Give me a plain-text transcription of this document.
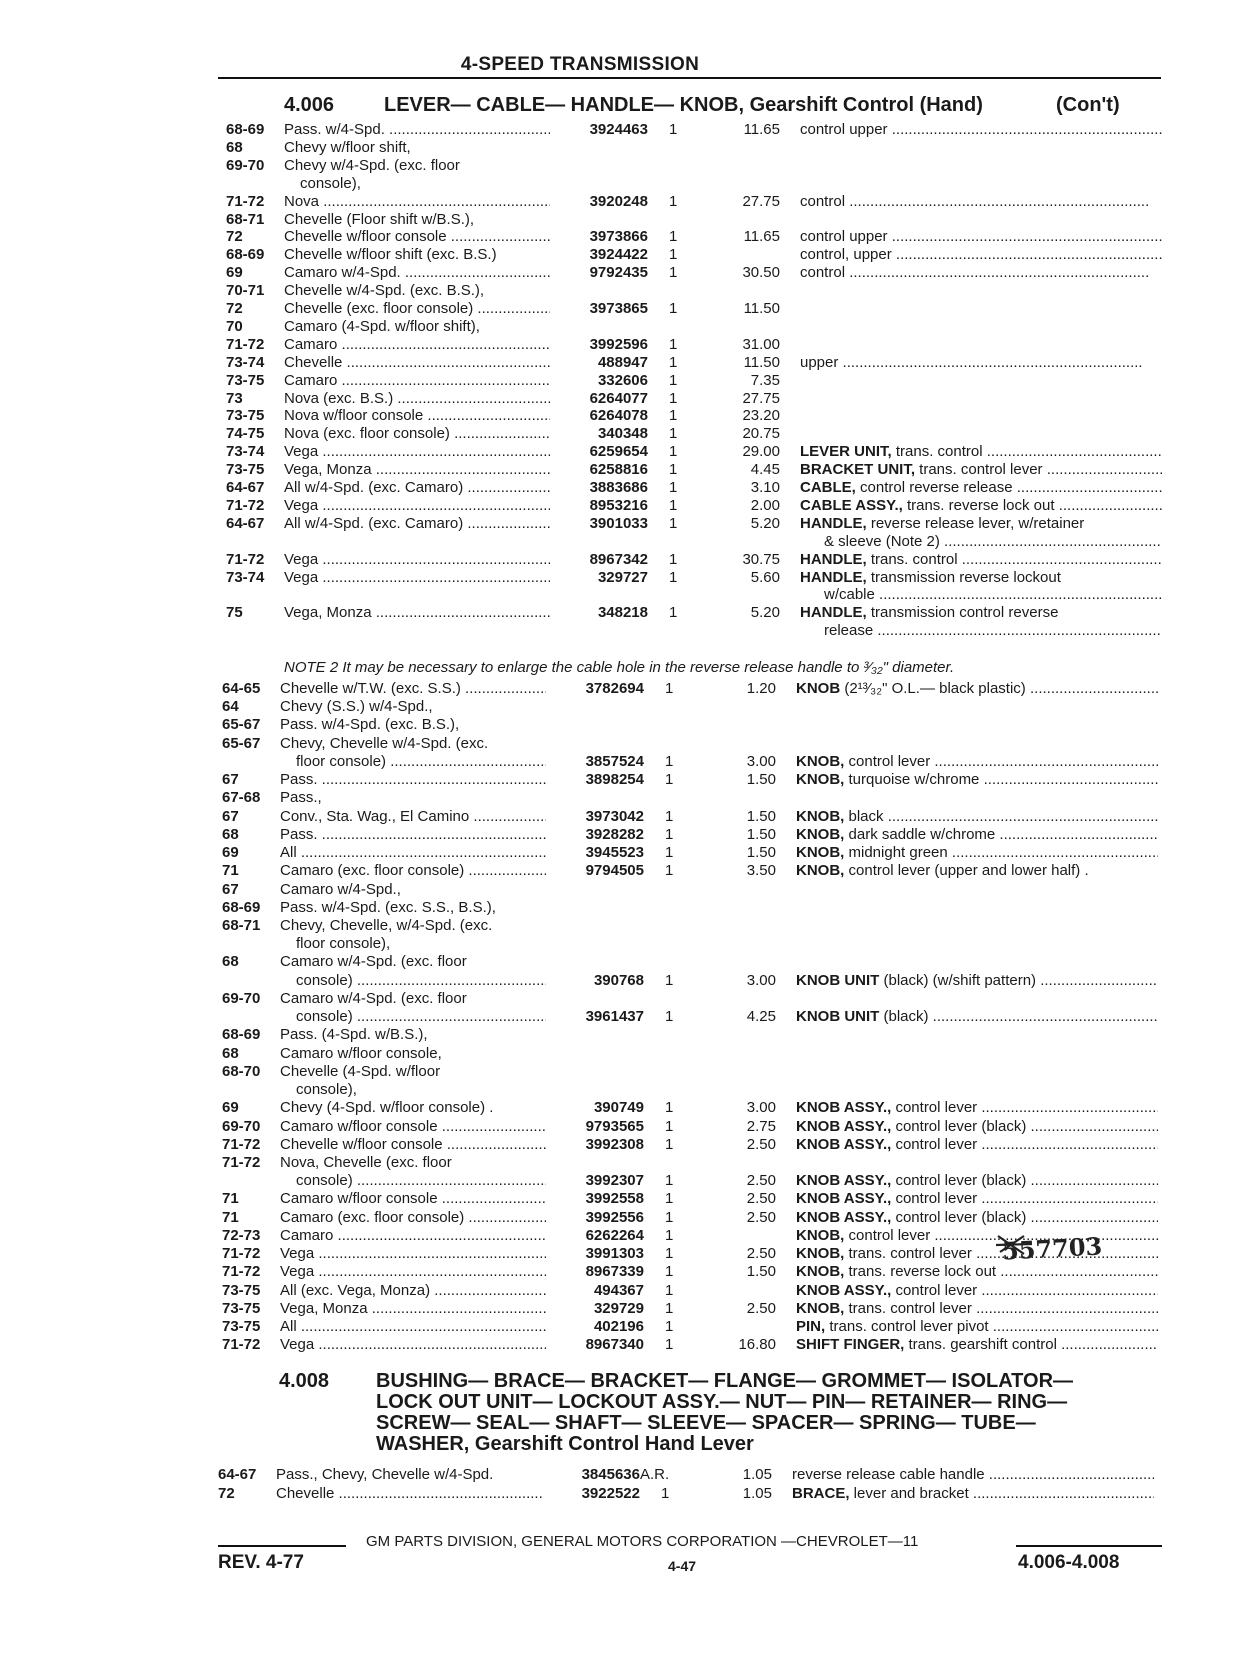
4-SPEED TRANSMISSION
4.006 LEVER— CABLE— HANDLE— KNOB, Gearshift Control (Hand)	(Con't)
68-69 Pass. w/4-Spd. .....	3924463 1	11.65 control upper .....
68	Chevy w/floor shift,
69-70 Chevy w/4-Spd. (exc. floor
console),
71-72 Nova .....	3920248 1	27.75 control .....
68-71 Chevelle (Floor shift w/B.S.),
72	Chevelle w/floor console .....	3973866 1	11.65 control upper .....
68-69 Chevelle w/floor shift (exc. B.S.)	3924422 1	control, upper .....
69	Camaro w/4-Spd. .....	9792435 1	30.50 control .....
70-71 Chevelle w/4-Spd. (exc. B.S.),
72	Chevelle (exc. floor console) .....	3973865 1	11.50
70	Camaro (4-Spd. w/floor shift),
71-72 Camaro .....	3992596 1	31.00
73-74 Chevelle .....	488947 1	11.50 upper .....
73-75 Camaro .....	332606 1	7.35
73	Nova (exc. B.S.) .....	6264077 1	27.75
73-75 Nova w/floor console .....	6264078 1	23.20
74-75 Nova (exc. floor console) .....	340348 1	20.75
73-74 Vega .....	6259654 1	29.00 LEVER UNIT, trans. control .....
73-75 Vega, Monza .....	6258816 1	4.45 BRACKET UNIT, trans. control lever .....
64-67 All w/4-Spd. (exc. Camaro) .....	3883686 1	3.10 CABLE, control reverse release .....
71-72 Vega .....	8953216 1	2.00 CABLE ASSY., trans. reverse lock out .....
64-67 All w/4-Spd. (exc. Camaro) .....	3901033 1	5.20 HANDLE, reverse release lever, w/retainer
& sleeve (Note 2) .....
71-72 Vega .....	8967342 1	30.75 HANDLE, trans. control .....
73-74 Vega .....	329727 1	5.60 HANDLE, transmission reverse lockout
w/cable .....
75	Vega, Monza .....	348218 1	5.20 HANDLE, transmission control reverse
release .....
NOTE 2 It may be necessary to enlarge the cable hole in the reverse release handle to ³⁄₃₂" diameter.
64-65 Chevelle w/T.W. (exc. S.S.) .....	3782694 1	1.20 KNOB (2¹³⁄₃₂" O.L.— black plastic) .....
64	Chevy (S.S.) w/4-Spd.,
65-67 Pass. w/4-Spd. (exc. B.S.),
65-67 Chevy, Chevelle w/4-Spd. (exc.
floor console) .....	3857524 1	3.00 KNOB, control lever .....
67	Pass. .....	3898254 1	1.50 KNOB, turquoise w/chrome .....
67-68 Pass.,
67	Conv., Sta. Wag., El Camino .....	3973042 1	1.50 KNOB, black .....
68	Pass. .....	3928282 1	1.50 KNOB, dark saddle w/chrome .....
69	All .....	3945523 1	1.50 KNOB, midnight green .....
71	Camaro (exc. floor console) .....	9794505 1	3.50 KNOB, control lever (upper and lower half) .
67	Camaro w/4-Spd.,
68-69 Pass. w/4-Spd. (exc. S.S., B.S.),
68-71 Chevy, Chevelle, w/4-Spd. (exc.
floor console),
68	Camaro w/4-Spd. (exc. floor
console) .....	390768 1	3.00 KNOB UNIT (black) (w/shift pattern) .....
69-70 Camaro w/4-Spd. (exc. floor
console) .....	3961437 1	4.25 KNOB UNIT (black) .....
68-69 Pass. (4-Spd. w/B.S.),
68	Camaro w/floor console,
68-70 Chevelle (4-Spd. w/floor
console),
69	Chevy (4-Spd. w/floor console) .	390749 1	3.00 KNOB ASSY., control lever .....
69-70 Camaro w/floor console .....	9793565 1	2.75 KNOB ASSY., control lever (black) .....
71-72 Chevelle w/floor console .....	3992308 1	2.50 KNOB ASSY., control lever .....
71-72 Nova, Chevelle (exc. floor
console) .....	3992307 1	2.50 KNOB ASSY., control lever (black) .....
71	Camaro w/floor console .....	3992558 1	2.50 KNOB ASSY., control lever .....
71	Camaro (exc. floor console) .....	3992556 1	2.50 KNOB ASSY., control lever (black) .....
72-73 Camaro .....	6262264 1	KNOB, control lever .....
71-72 Vega .....	3991303 1	2.50 KNOB, trans. control lever .....
71-72 Vega .....	8967339 1	1.50 KNOB, trans. reverse lock out .....
73-75 All (exc. Vega, Monza) .....	494367 1	KNOB ASSY., control lever .....
73-75 Vega, Monza .....	329729 1	2.50 KNOB, trans. control lever .....
73-75 All .....	402196 1	PIN, trans. control lever pivot .....
71-72 Vega .....	8967340 1	16.80 SHIFT FINGER, trans. gearshift control .....
557703
4.008 BUSHING— BRACE— BRACKET— FLANGE— GROMMET— ISOLATOR—
LOCK OUT UNIT— LOCKOUT ASSY.— NUT— PIN— RETAINER— RING—
SCREW— SEAL— SHAFT— SLEEVE— SPACER— SPRING— TUBE—
WASHER, Gearshift Control Hand Lever
64-67 Pass., Chevy, Chevelle w/4-Spd.	3845636 A.R.	1.05 reverse release cable handle .....
72	Chevelle .....	3922522 1	1.05 BRACE, lever and bracket .....
GM PARTS DIVISION, GENERAL MOTORS CORPORATION —CHEVROLET—11
REV. 4-77	4-47	4.006-4.008
